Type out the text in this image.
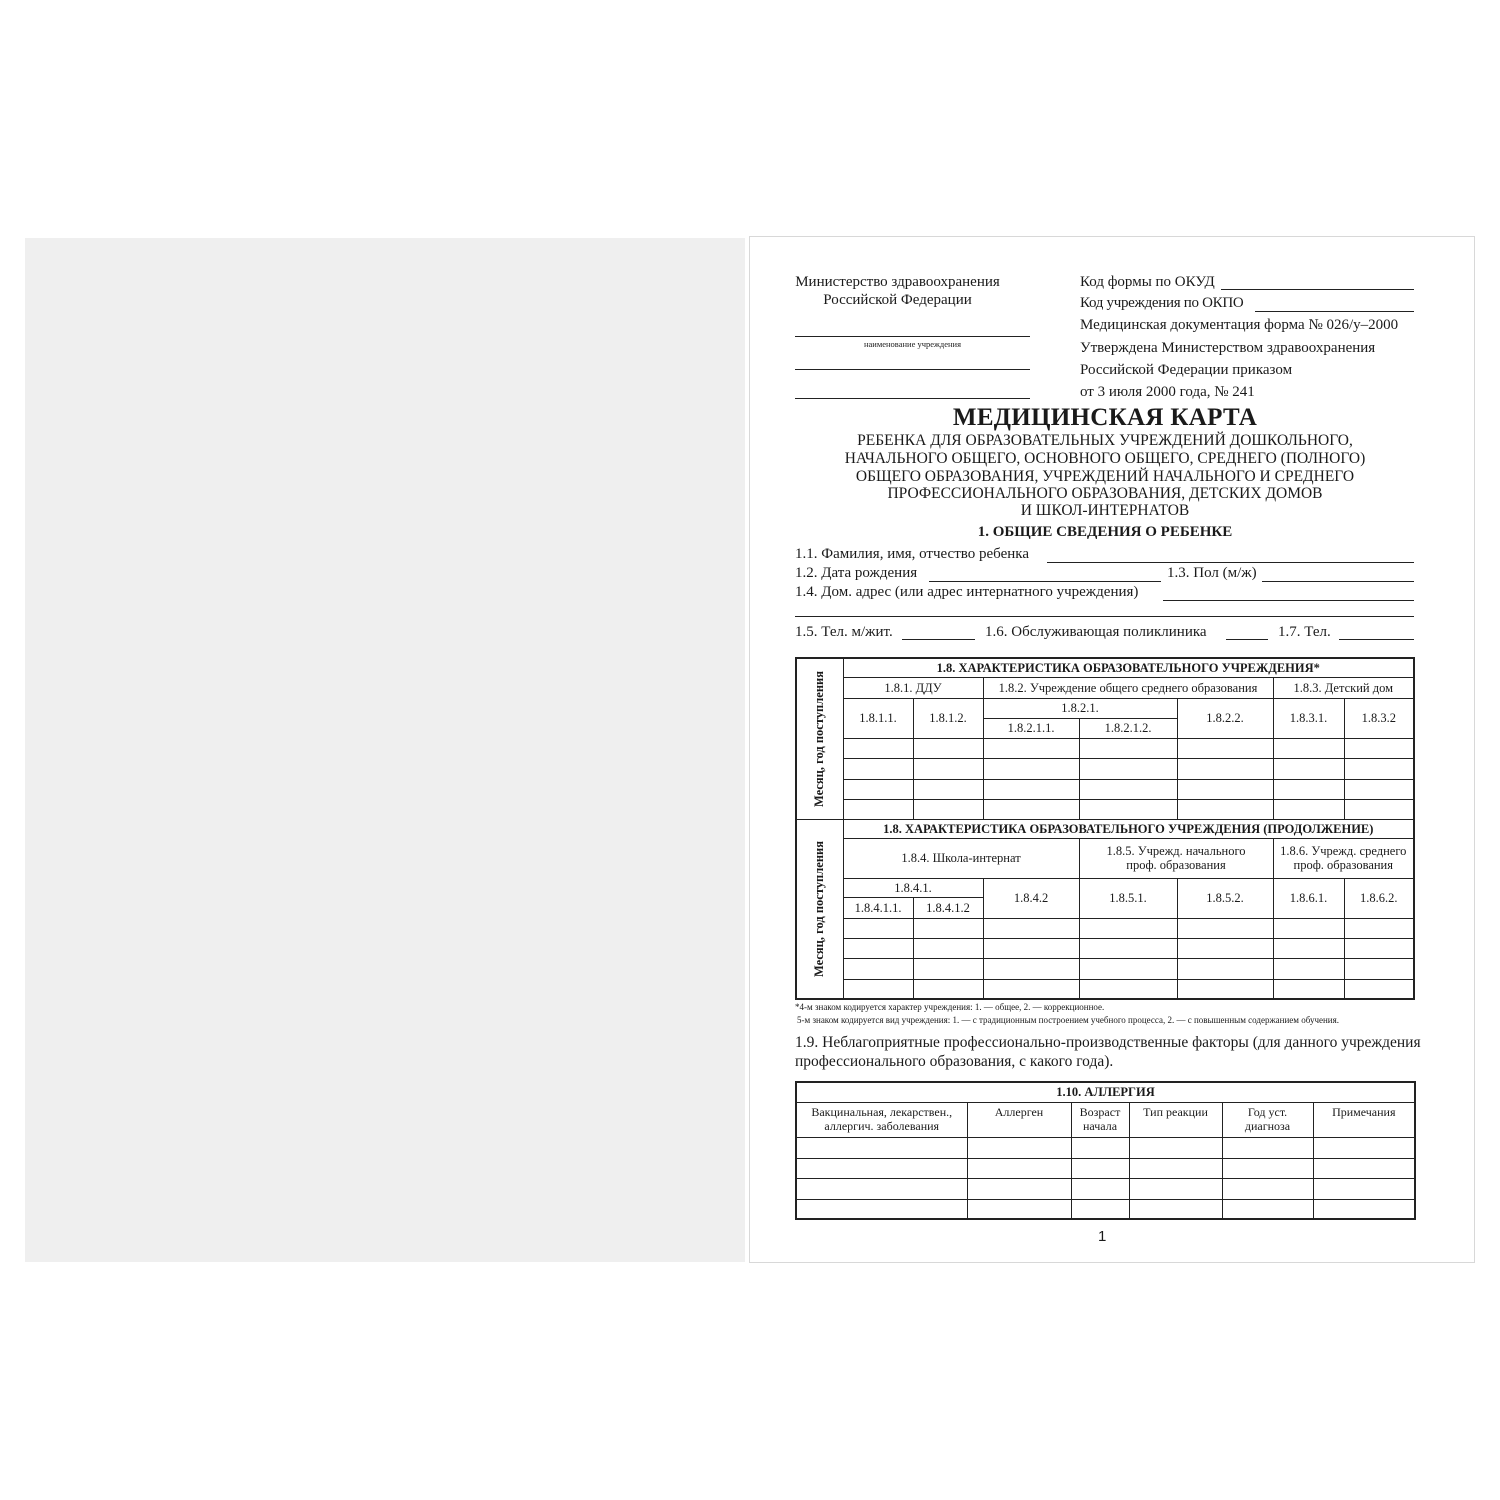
Министерство здравоохранения
Российской Федерации
наименование учреждения
Код формы по ОКУД
Код учреждения по ОКПО
Медицинская документация форма № 026/у–2000
Утверждена Министерством здравоохранения
Российской Федерации приказом
от 3 июля 2000 года, № 241
МЕДИЦИНСКАЯ КАРТА
РЕБЕНКА ДЛЯ ОБРАЗОВАТЕЛЬНЫХ УЧРЕЖДЕНИЙ ДОШКОЛЬНОГО,
НАЧАЛЬНОГО ОБЩЕГО, ОСНОВНОГО ОБЩЕГО, СРЕДНЕГО (ПОЛНОГО)
ОБЩЕГО ОБРАЗОВАНИЯ, УЧРЕЖДЕНИЙ НАЧАЛЬНОГО И СРЕДНЕГО
ПРОФЕССИОНАЛЬНОГО ОБРАЗОВАНИЯ, ДЕТСКИХ ДОМОВ
И ШКОЛ-ИНТЕРНАТОВ
1. ОБЩИЕ СВЕДЕНИЯ О РЕБЕНКЕ
1.1. Фамилия, имя, отчество ребенка
1.2. Дата рождения	1.3. Пол (м/ж)
1.4. Дом. адрес (или адрес интернатного учреждения)
1.5. Тел. м/жит.	1.6. Обслуживающая поликлиника	1.7. Тел.
Месяц, год поступления	1.8. ХАРАКТЕРИСТИКА ОБРАЗОВАТЕЛЬНОГО УЧРЕЖДЕНИЯ*						
	1.8.1. ДДУ		1.8.2. Учреждение общего среднего образования			1.8.3. Детский дом	
	1.8.1.1.	1.8.1.2.	1.8.2.1.		1.8.2.2.	1.8.3.1.	1.8.3.2
			1.8.2.1.1.	1.8.2.1.2.			

Месяц, год поступления	1.8. ХАРАКТЕРИСТИКА ОБРАЗОВАТЕЛЬНОГО УЧРЕЖДЕНИЯ (ПРОДОЛЖЕНИЕ)						
	1.8.4. Школа-интернат			1.8.5. Учрежд. начального проф. образования		1.8.6. Учрежд. среднего проф. образования	
	1.8.4.1.		1.8.4.2	1.8.5.1.	1.8.5.2.	1.8.6.1.	1.8.6.2.
	1.8.4.1.1.	1.8.4.1.2					

*4-м знаком кодируется характер учреждения: 1. — общее, 2. — коррекционное.
5-м знаком кодируется вид учреждения: 1. — с традиционным построением учебного процесса, 2. — с повышенным содержанием обучения.
1.9. Неблагоприятные профессионально-производственные факторы (для данного учреждения
профессионального образования, с какого года).
1.10. АЛЛЕРГИЯ					
Вакцинальная, лекарствен., аллергич. заболевания	Аллерген	Возраст начала	Тип реакции	Год уст. диагноза	Примечания

1
